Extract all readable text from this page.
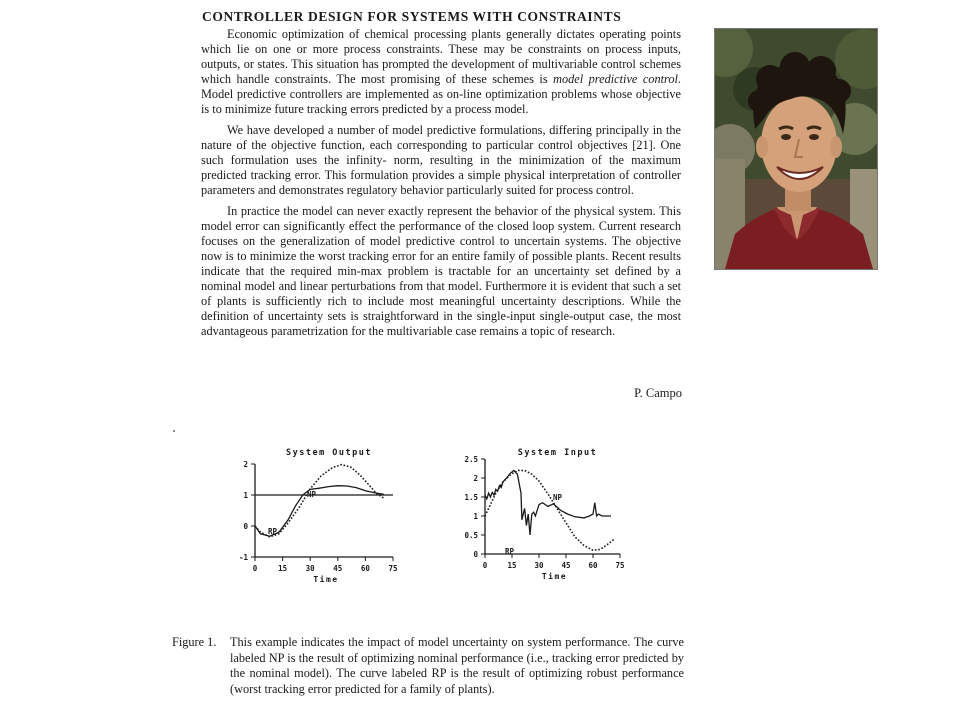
CONTROLLER DESIGN FOR SYSTEMS WITH CONSTRAINTS

Economic optimization of chemical processing plants generally dictates operating points which lie on one or more process constraints. These may be constraints on process inputs, outputs, or states. This situation has prompted the development of multivariable control schemes which handle constraints. The most promising of these schemes is model predictive control. Model predictive controllers are implemented as on-line optimization problems whose objective is to minimize future tracking errors predicted by a process model.

We have developed a number of model predictive formulations, differing principally in the nature of the objective function, each corresponding to particular control objectives [21]. One such formulation uses the infinity- norm, resulting in the minimization of the maximum predicted tracking error. This formulation provides a simple physical interpretation of controller parameters and demonstrates regulatory behavior particularly suited for process control.

In practice the model can never exactly represent the behavior of the physical system. This model error can significantly effect the performance of the closed loop system. Current research focuses on the generalization of model predictive control to uncertain systems. The objective now is to minimize the worst tracking error for an entire family of possible plants. Recent results indicate that the required min-max problem is tractable for an uncertainty set defined by a nominal model and linear perturbations from that model. Furthermore it is evident that such a set of plants is sufficiently rich to include most meaningful uncertainty descriptions. While the definition of uncertainty sets is straightforward in the single-input single-output case, the most advantageous parametrization for the multivariable case remains a topic of research.

P. Campo
System Output
0	15 30 45 60 75
-1
0
1
2
Time
NP
RP
System Input
0	15 30 45 60 75
0
0.5
1
1.5
2
2.5
Time
NP
RP
Figure 1.	This example indicates the impact of model uncertainty on system performance. The curve labeled NP is the result of optimizing nominal performance (i.e., tracking error predicted by the nominal model). The curve labeled RP is the result of optimizing robust performance (worst tracking error predicted for a family of plants).
